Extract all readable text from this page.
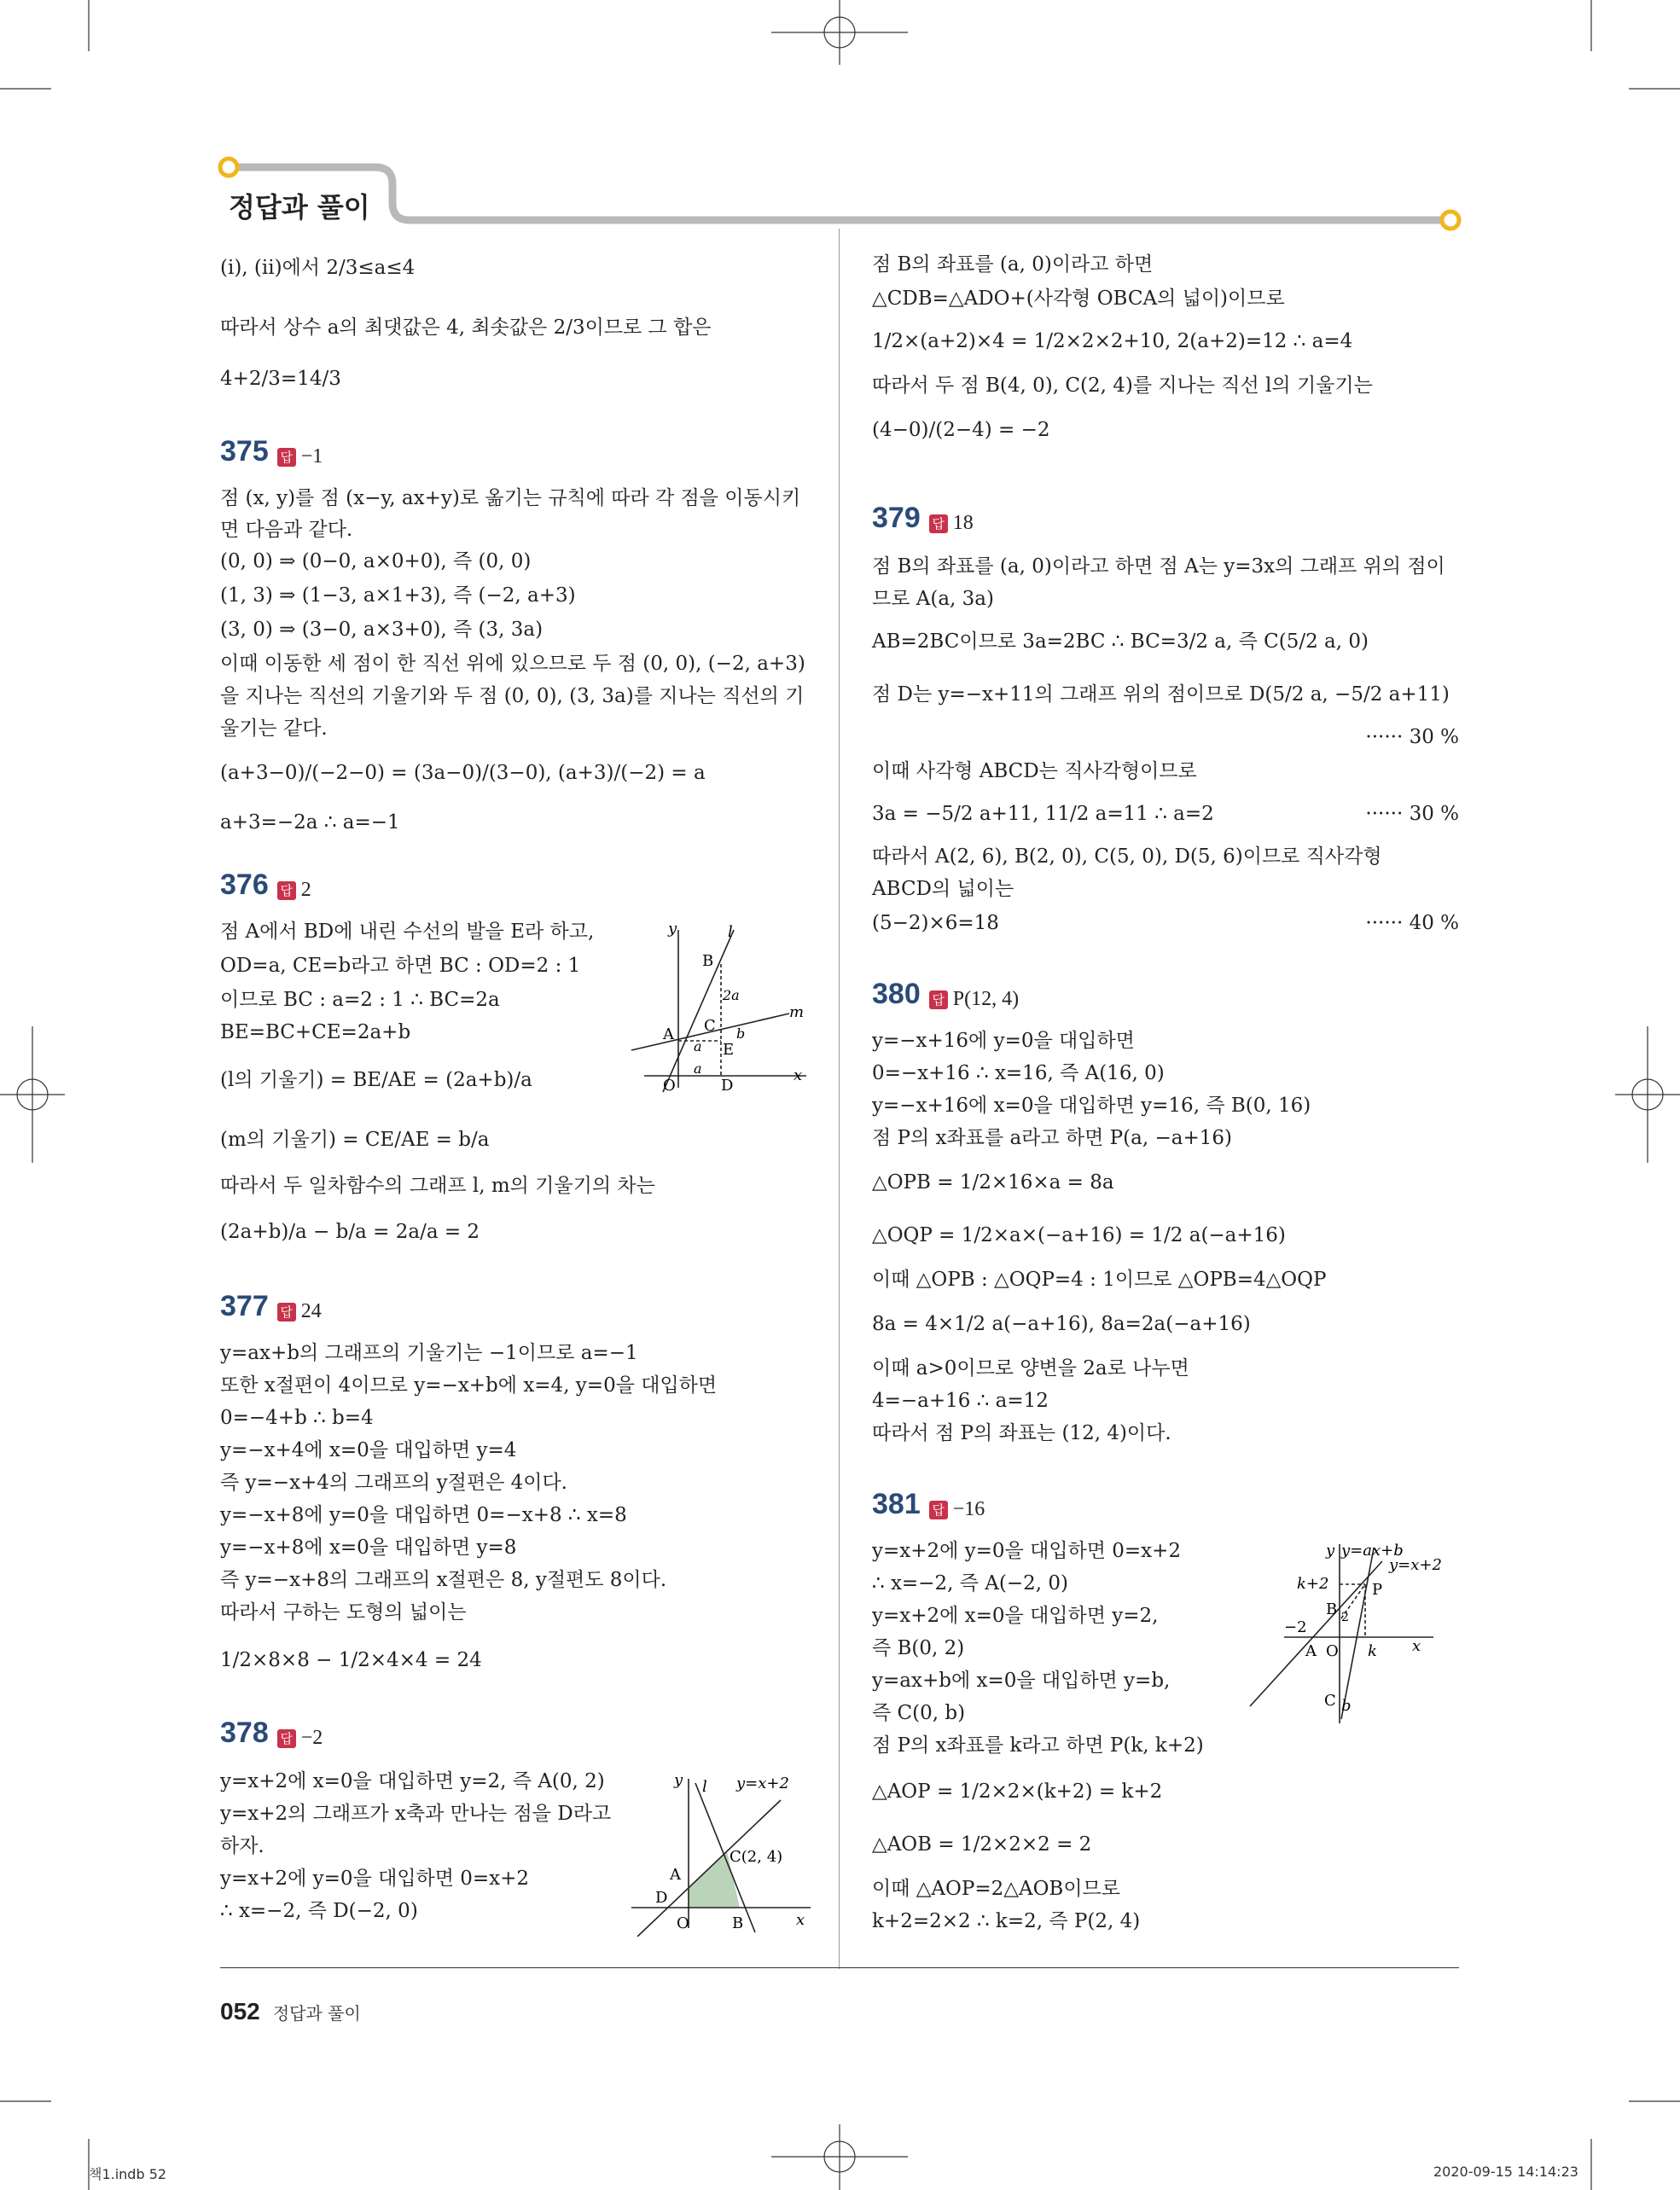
정답과 풀이
(i), (ii)에서 2/3≤a≤4
따라서 상수 a의 최댓값은 4, 최솟값은 2/3이므로 그 합은
4+2/3=14/3
375 답 −1
점 (x, y)를 점 (x−y, ax+y)로 옮기는 규칙에 따라 각 점을 이동시키
면 다음과 같다.
(0, 0) ⇒ (0−0, a×0+0), 즉 (0, 0)
(1, 3) ⇒ (1−3, a×1+3), 즉 (−2, a+3)
(3, 0) ⇒ (3−0, a×3+0), 즉 (3, 3a)
이때 이동한 세 점이 한 직선 위에 있으므로 두 점 (0, 0), (−2, a+3)
을 지나는 직선의 기울기와 두 점 (0, 0), (3, 3a)를 지나는 직선의 기
울기는 같다.
(a+3−0)/(−2−0) = (3a−0)/(3−0), (a+3)/(−2) = a
a+3=−2a ∴ a=−1
376 답 2
점 A에서 BD에 내린 수선의 발을 E라 하고,
OD=a, CE=b라고 하면 BC : OD=2 : 1
이므로 BC : a=2 : 1 ∴ BC=2a
BE=BC+CE=2a+b
(l의 기울기) = BE/AE = (2a+b)/a
(m의 기울기) = CE/AE = b/a
따라서 두 일차함수의 그래프 l, m의 기울기의 차는
(2a+b)/a − b/a = 2a/a = 2
y	l
B
2a
m
A C b
a E
O
a
D
x
377 답 24
y=ax+b의 그래프의 기울기는 −1이므로 a=−1
또한 x절편이 4이므로 y=−x+b에 x=4, y=0을 대입하면
0=−4+b ∴ b=4
y=−x+4에 x=0을 대입하면 y=4
즉 y=−x+4의 그래프의 y절편은 4이다.
y=−x+8에 y=0을 대입하면 0=−x+8 ∴ x=8
y=−x+8에 x=0을 대입하면 y=8
즉 y=−x+8의 그래프의 x절편은 8, y절편도 8이다.
따라서 구하는 도형의 넓이는
1/2×8×8 − 1/2×4×4 = 24
378 답 −2
y=x+2에 x=0을 대입하면 y=2, 즉 A(0, 2)
y=x+2의 그래프가 x축과 만나는 점을 D라고
하자.
y=x+2에 y=0을 대입하면 0=x+2
∴ x=−2, 즉 D(−2, 0)
y l y=x+2
C(2, 4)
A
D
O	B	x
점 B의 좌표를 (a, 0)이라고 하면
△CDB=△ADO+(사각형 OBCA의 넓이)이므로
1/2×(a+2)×4 = 1/2×2×2+10, 2(a+2)=12 ∴ a=4
따라서 두 점 B(4, 0), C(2, 4)를 지나는 직선 l의 기울기는
(4−0)/(2−4) = −2
379 답 18
점 B의 좌표를 (a, 0)이라고 하면 점 A는 y=3x의 그래프 위의 점이
므로 A(a, 3a)
AB=2BC이므로 3a=2BC ∴ BC=3/2 a, 즉 C(5/2 a, 0)
점 D는 y=−x+11의 그래프 위의 점이므로 D(5/2 a, −5/2 a+11)
······ 30 %
이때 사각형 ABCD는 직사각형이므로
3a = −5/2 a+11, 11/2 a=11 ∴ a=2	······ 30 %
따라서 A(2, 6), B(2, 0), C(5, 0), D(5, 6)이므로 직사각형
ABCD의 넓이는
(5−2)×6=18	······ 40 %
380 답 P(12, 4)
y=−x+16에 y=0을 대입하면
0=−x+16 ∴ x=16, 즉 A(16, 0)
y=−x+16에 x=0을 대입하면 y=16, 즉 B(0, 16)
점 P의 x좌표를 a라고 하면 P(a, −a+16)
△OPB = 1/2×16×a = 8a
△OQP = 1/2×a×(−a+16) = 1/2 a(−a+16)
이때 △OPB : △OQP=4 : 1이므로 △OPB=4△OQP
8a = 4×1/2 a(−a+16), 8a=2a(−a+16)
이때 a>0이므로 양변을 2a로 나누면
4=−a+16 ∴ a=12
따라서 점 P의 좌표는 (12, 4)이다.
381 답 −16
y=x+2에 y=0을 대입하면 0=x+2
∴ x=−2, 즉 A(−2, 0)
y=x+2에 x=0을 대입하면 y=2,
즉 B(0, 2)
y=ax+b에 x=0을 대입하면 y=b,
즉 C(0, b)
점 P의 x좌표를 k라고 하면 P(k, k+2)
△AOP = 1/2×2×(k+2) = k+2
△AOB = 1/2×2×2 = 2
이때 △AOP=2△AOB이므로
k+2=2×2 ∴ k=2, 즉 P(2, 4)
y y=ax+b
y=x+2
k+2	P
B 2
−2
A O k x
C b
052 정답과 풀이
책1.indb 52	2020-09-15 14:14:23
